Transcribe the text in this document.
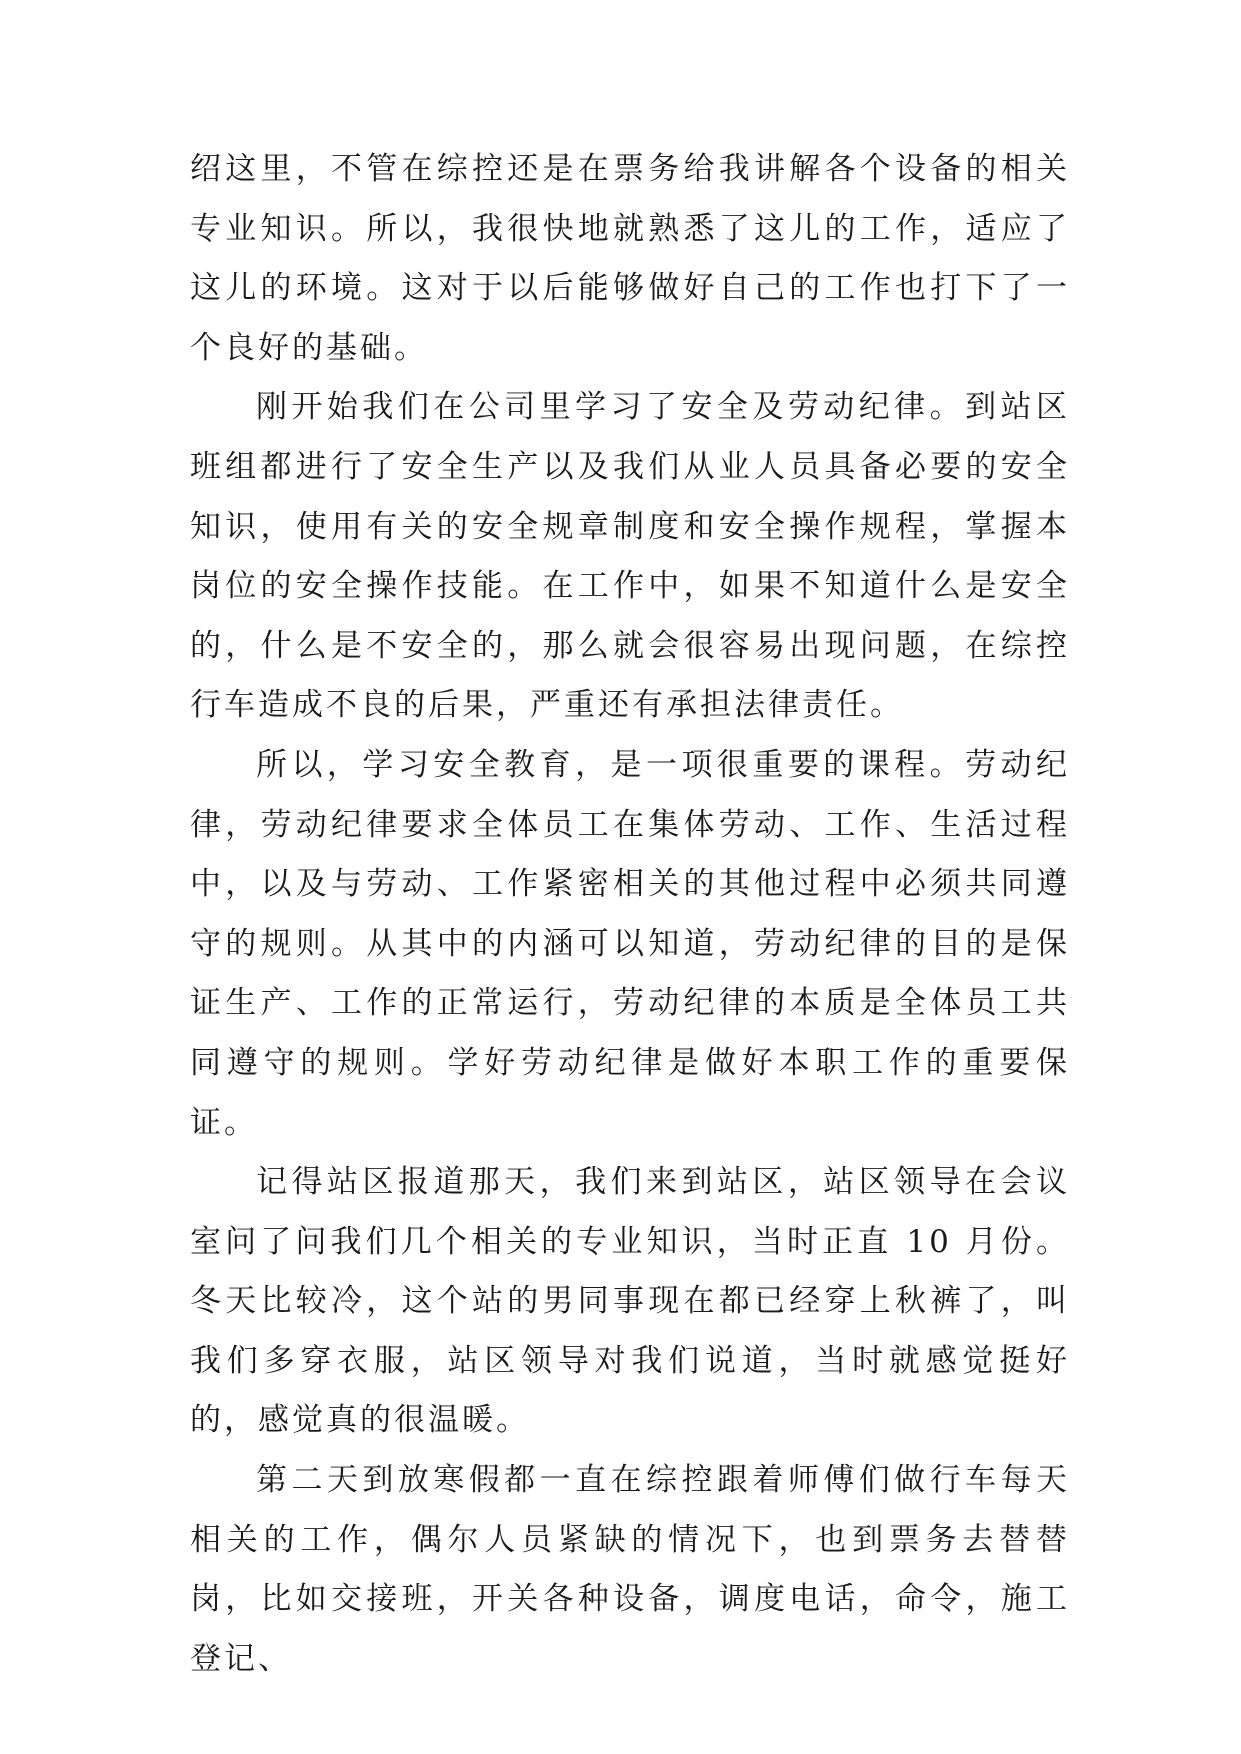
绍这里，不管在综控还是在票务给我讲解各个设备的相关专业知识。所以，我很快地就熟悉了这儿的工作，适应了这儿的环境。这对于以后能够做好自己的工作也打下了一个良好的基础。

刚开始我们在公司里学习了安全及劳动纪律。到站区班组都进行了安全生产以及我们从业人员具备必要的安全知识，使用有关的安全规章制度和安全操作规程，掌握本岗位的安全操作技能。在工作中，如果不知道什么是安全的，什么是不安全的，那么就会很容易出现问题，在综控行车造成不良的后果，严重还有承担法律责任。

所以，学习安全教育，是一项很重要的课程。劳动纪律，劳动纪律要求全体员工在集体劳动、工作、生活过程中，以及与劳动、工作紧密相关的其他过程中必须共同遵守的规则。从其中的内涵可以知道，劳动纪律的目的是保证生产、工作的正常运行，劳动纪律的本质是全体员工共同遵守的规则。学好劳动纪律是做好本职工作的重要保证。

记得站区报道那天，我们来到站区，站区领导在会议室问了问我们几个相关的专业知识，当时正直 10 月份。冬天比较冷，这个站的男同事现在都已经穿上秋裤了，叫我们多穿衣服，站区领导对我们说道，当时就感觉挺好的，感觉真的很温暖。

第二天到放寒假都一直在综控跟着师傅们做行车每天相关的工作，偶尔人员紧缺的情况下，也到票务去替替岗，比如交接班，开关各种设备，调度电话，命令，施工登记、
